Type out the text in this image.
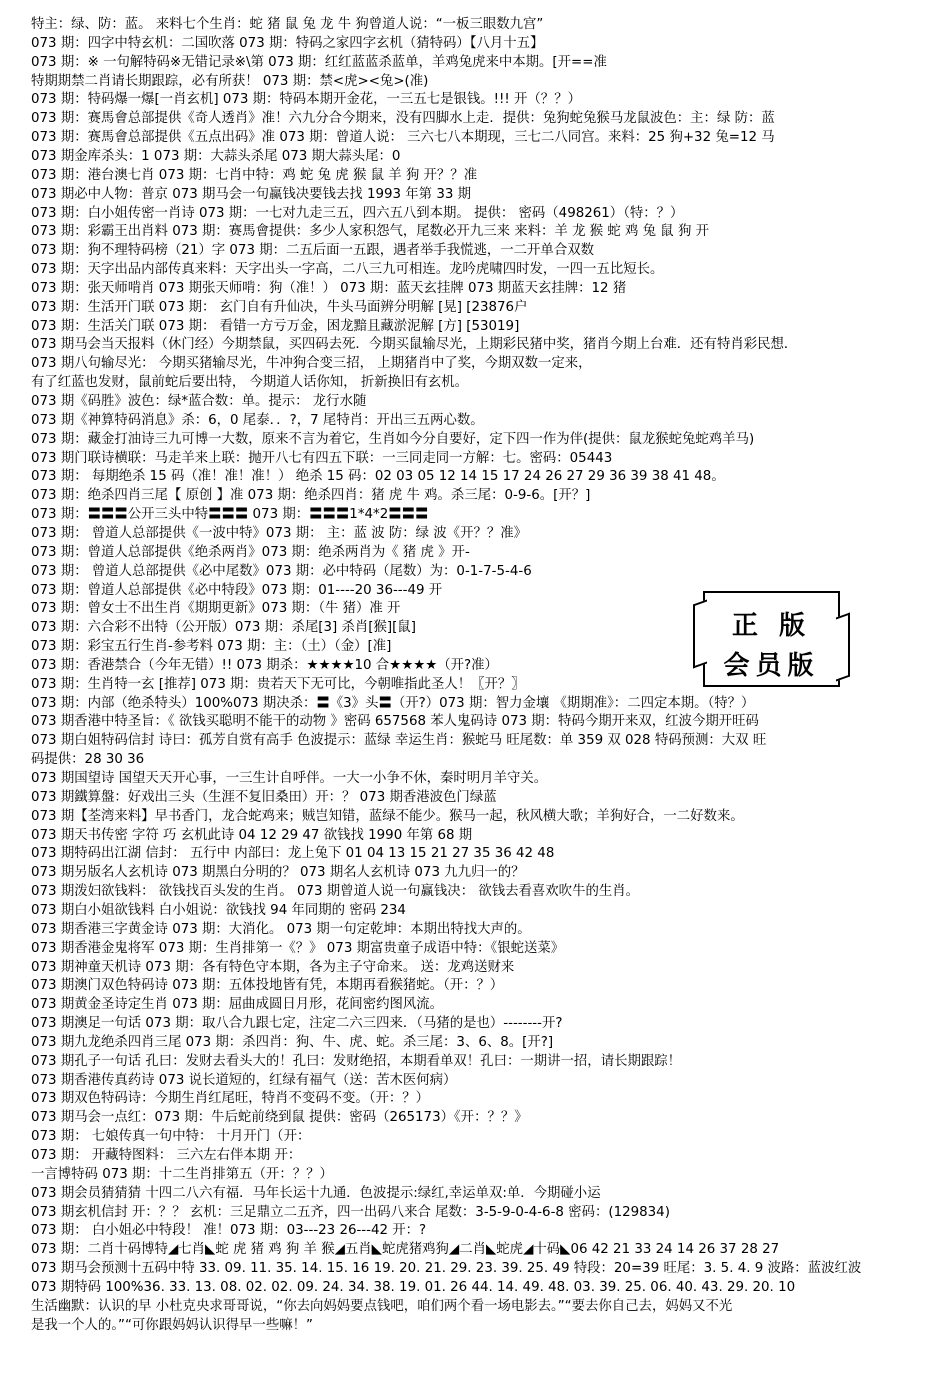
特主：绿、防：蓝。 来料七个生肖：蛇 猪 鼠 兔 龙 牛 狗曾道人说：“一板三眼数九宫”
073 期：四字中特玄机：二国吹落 073 期：特码之家四字玄机（猜特码）【八月十五】
073 期：※ 一句解特码※无错记录※\第 073 期：红红蓝蓝杀蓝单，羊鸡兔虎来中本期。[开==准
特期期禁二肖请长期跟踪，必有所获！ 073 期：禁<虎><兔>(准)
073 期：特码爆一爆[一肖玄机] 073 期：特码本期开金花，一三五七是银钱。!!! 开（？？）
073 期：赛馬會总部提供《奇人透肖》准！六九分合今期来，没有四脚水上走．提供：兔狗蛇兔猴马龙鼠波色：主：绿 防：蓝
073 期：赛馬會总部提供《五点出码》准 073 期：曾道人说： 三六七八本期现，三七二八同宫。来料：25 狗+32 兔=12 马
073 期金库杀头：1 073 期：大蒜头杀尾 073 期大蒜头尾：0
073 期：港台澳七肖 073 期：七肖中特：鸡 蛇 兔 虎 猴 鼠 羊 狗 开？？准
073 期必中人物：普京 073 期马会一句赢钱决要钱去找 1993 年第 33 期
073 期：白小姐传密一肖诗 073 期：一七对九走三五，四六五八到本期。 提供： 密码（498261）（特：？）
073 期：彩霸王出肖料 073 期：赛馬會提供：多少人家积怨气，尾数必开九三来 来料：羊 龙 猴 蛇 鸡 兔 鼠 狗 开
073 期：狗不理特码榜（21）字 073 期：二五后面一五跟，遇者举手我慌逃，一二开单合双数
073 期：天字出品内部传真来料：天字出头一字高，二八三九可相连。龙吟虎啸四时发，一四一五比短长。
073 期：张天师啃肖 073 期张天师啃：狗（准！） 073 期：蓝天玄挂牌 073 期蓝天玄挂牌：12 猪
073 期：生活开门联 073 期： 玄门自有升仙决，牛头马面辨分明解 [晃] [23876户
073 期：生活关门联 073 期： 看错一方亏万金，困龙黯且藏淤泥解 [方] [53019]
073 期马会当天报料（休门经）今期禁鼠，买四码去死．今期买鼠输尽光，上期彩民猪中奖，猪肖今期上台难．还有特肖彩民想．
073 期八句输尽光： 今期买猪输尽光，牛冲狗合变三招， 上期猪肖中了奖，今期双数一定来，
有了红蓝也发财，鼠前蛇后要出特， 今期道人话你知， 折新换旧有玄机。
073 期《码胜》波色：绿*蓝合数：单。提示： 龙行水随
073 期《神算特码消息》杀：6，0 尾泰．．?，7 尾特肖：开出三五两心数。
073 期：藏金打油诗三九可博一大数，原来不言为着它，生肖如今分自要好，定下四一作为伴(提供：鼠龙猴蛇兔蛇鸡羊马)
073 期门联诗横联：马走羊来上联：抛开八七有四五下联：一三同走同一方解：七。密码：05443
073 期： 每期绝杀 15 码（准！准！准！） 绝杀 15 码：02 03 05 12 14 15 17 24 26 27 29 36 39 38 41 48。
073 期：绝杀四肖三尾【 原创 】准 073 期：绝杀四肖：猪 虎 牛 鸡。杀三尾：0-9-6。[开？]
073 期：〓〓〓公开三头中特〓〓〓 073 期：〓〓〓1*4*2〓〓〓
073 期： 曾道人总部提供《一波中特》073 期： 主：蓝 波 防：绿 波《开？？准》
073 期：曾道人总部提供《绝杀两肖》073 期：绝杀两肖为《 猪 虎 》开-
073 期： 曾道人总部提供《必中尾数》073 期：必中特码（尾数）为：0-1-7-5-4-6
073 期：曾道人总部提供《必中特段》073 期：01----20 36---49 开
073 期：曾女士不出生肖《期期更新》073 期：（牛 猪）准 开
073 期：六合彩不出特（公开版）073 期：杀尾[3] 杀肖[猴][鼠]
073 期：彩宝五行生肖-参考料 073 期：主：（土）（金）[准]
073 期：香港禁合（今年无错）!! 073 期杀：★★★★10 合★★★★（开?准）
073 期：生肖特一玄 [推荐] 073 期：贵若天下无可比，今朝唯指此圣人！〖开？〗
073 期：内部（绝杀特头）100%073 期决杀：〓《3》头〓（开?）073 期：智力金壤 《期期准》：二四定本期。（特？）
073 期香港中特圣旨：《 欲钱买聪明不能干的动物 》密码 657568 苯人鬼码诗 073 期：特码今期开来双，红波今期开旺码
073 期白姐特码信封 诗曰：孤芳自赏有高手 色波提示：蓝绿 幸运生肖：猴蛇马 旺尾数：单 359 双 028 特码预测：大双 旺
码提供：28 30 36
073 期国望诗 国望天天开心事，一三生计自呼伴。一大一小争不休，秦时明月羊守关。
073 期鐵算盤：好戏出三头（生涯不复旧桑田）开：？ 073 期香港波色门绿蓝
073 期【荃湾来料】早书香门，龙合蛇鸡来；贼岂知错，蓝绿不能少。猴马一起，秋风横大歌；羊狗好合，一二好数来。
073 期天书传密 字符 巧 玄机此诗 04 12 29 47 欲钱找 1990 年第 68 期
073 期特码出江湖 信封： 五行中 内部曰：龙上兔下 01 04 13 15 21 27 35 36 42 48
073 期另版名人玄机诗 073 期黑白分明的？ 073 期名人玄机诗 073 九九归一的？
073 期泼妇欲钱料： 欲钱找百头发的生肖。 073 期曾道人说一句赢钱决： 欲钱去看喜欢吹牛的生肖。
073 期白小姐欲钱料 白小姐说：欲钱找 94 年同期的 密码 234
073 期香港三字黄金诗 073 期：大消化。 073 期一句定乾坤：本期出特找大声的。
073 期香港金鬼将军 073 期：生肖排第一《？》 073 期富贵童子成语中特：《银蛇送菜》
073 期神童天机诗 073 期：各有特色守本期，各为主子守命来。 送：龙鸡送财来
073 期澳门双色特码诗 073 期：五体投地皆有凭，本期再看猴猪蛇。（开：？）
073 期黄金圣诗定生肖 073 期：屈曲成圆日月形，花间密约图风流。
073 期澳足一句话 073 期：取八合九跟七定，注定二六三四来．（马猪的是也）--------开?
073 期九龙绝杀四肖三尾 073 期：杀四肖：狗、牛、虎、蛇。杀三尾：3、6、8。[开?]
073 期孔子一句话 孔曰：发财去看头大的！孔曰：发财绝招，本期看单双！孔曰：一期讲一招，请长期跟踪！
073 期香港传真药诗 073 说长道短的，红绿有福气（送：苦木医何病）
073 期双色特码诗：今期生肖红尾旺，特肖不变码不变。（开：？）
073 期马会一点红：073 期：牛后蛇前绕到鼠 提供：密码（265173）《开：？？》
073 期： 七娘传真一句中特： 十月开门（开：
073 期： 开藏特图料： 三六左右伴本期 开：
一言博特码 073 期：十二生肖排第五（开：？？）
073 期会员猜猜猜 十四二八六有福．马年长运十九通．色波提示:绿红,幸运单双:单．今期碰小运
073 期玄机信封 开：？？ 玄机：三足鼎立二五齐，四一出码八来合 尾数：3-5-9-0-4-6-8 密码：(129834)
073 期： 白小姐必中特段！ 准！073 期：03---23 26---42 开：?
073 期：二肖十码博特◢七肖◣蛇 虎 猪 鸡 狗 羊 猴◢五肖◣蛇虎猪鸡狗◢二肖◣蛇虎◢十码◣06 42 21 33 24 14 26 37 28 27
073 期马会预测十五码中特 33. 09. 11. 35. 14. 15. 16 19. 20. 21. 29. 23. 39. 25. 49 特段：20=39 旺尾：3. 5. 4. 9 波路：蓝波红波
073 期特码 100%36. 33. 13. 08. 02. 02. 09. 24. 34. 38. 19. 01. 26 44. 14. 49. 48. 03. 39. 25. 06. 40. 43. 29. 20. 10
生活幽默：认识的早 小杜克央求哥哥说，“你去向妈妈要点钱吧，咱们两个看一场电影去。”“要去你自己去，妈妈又不光
是我一个人的。”“可你跟妈妈认识得早一些嘛！”
正 版
会员版
